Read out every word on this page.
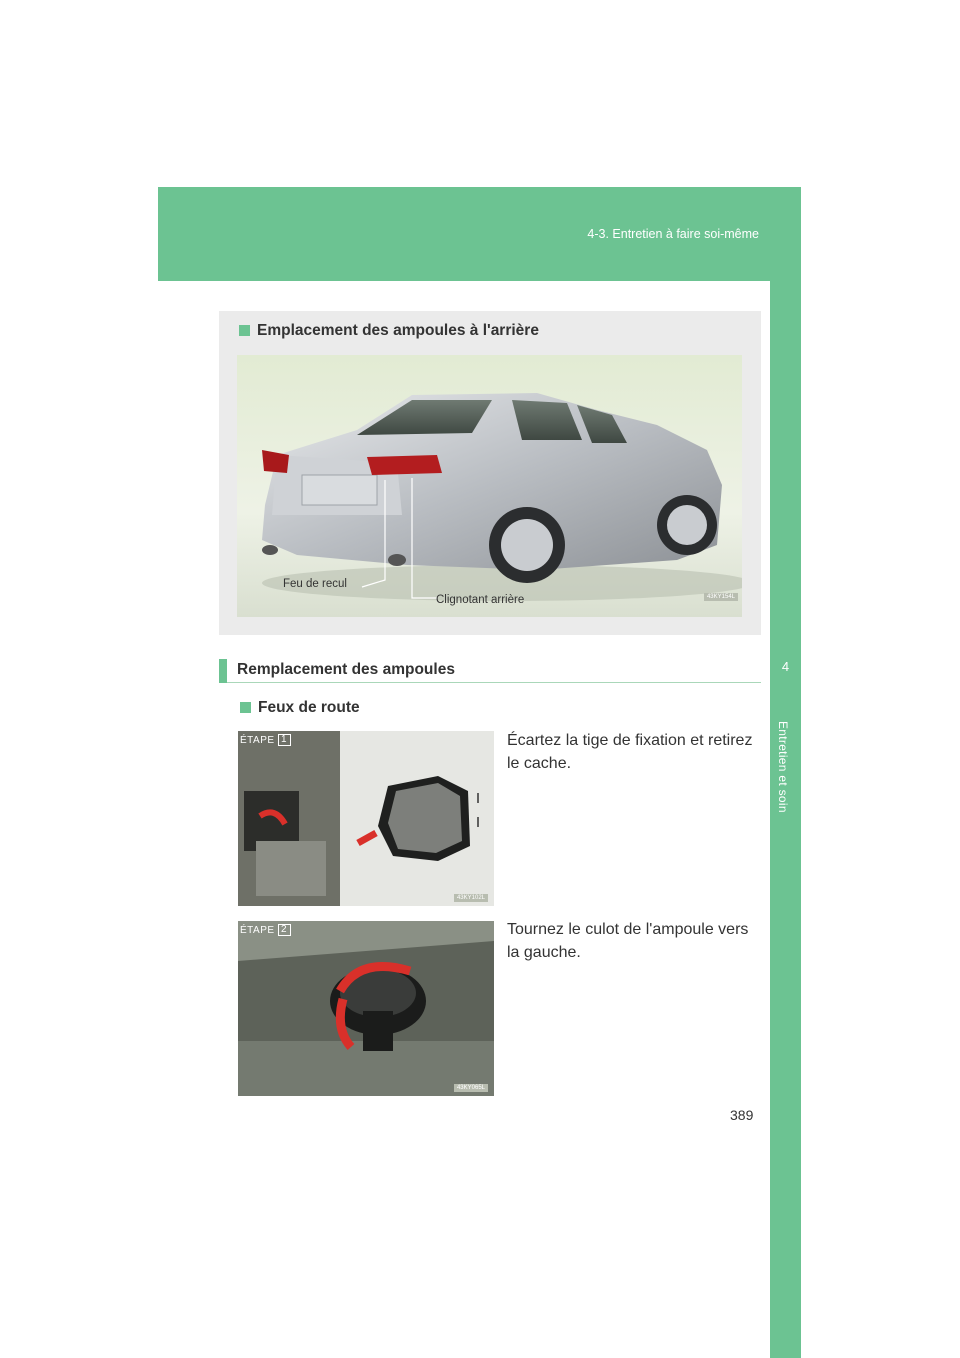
4-3. Entretien à faire soi-même
4
Entretien et soin
Emplacement des ampoules à l'arrière
43KY154L
Feu de recul
Clignotant arrière
Remplacement des ampoules
Feux de route
ÉTAPE 1
43KY102L
Écartez la tige de fixation et retirez le cache.
ÉTAPE 2
43KY065L
Tournez le culot de l'ampoule vers la gauche.
389
